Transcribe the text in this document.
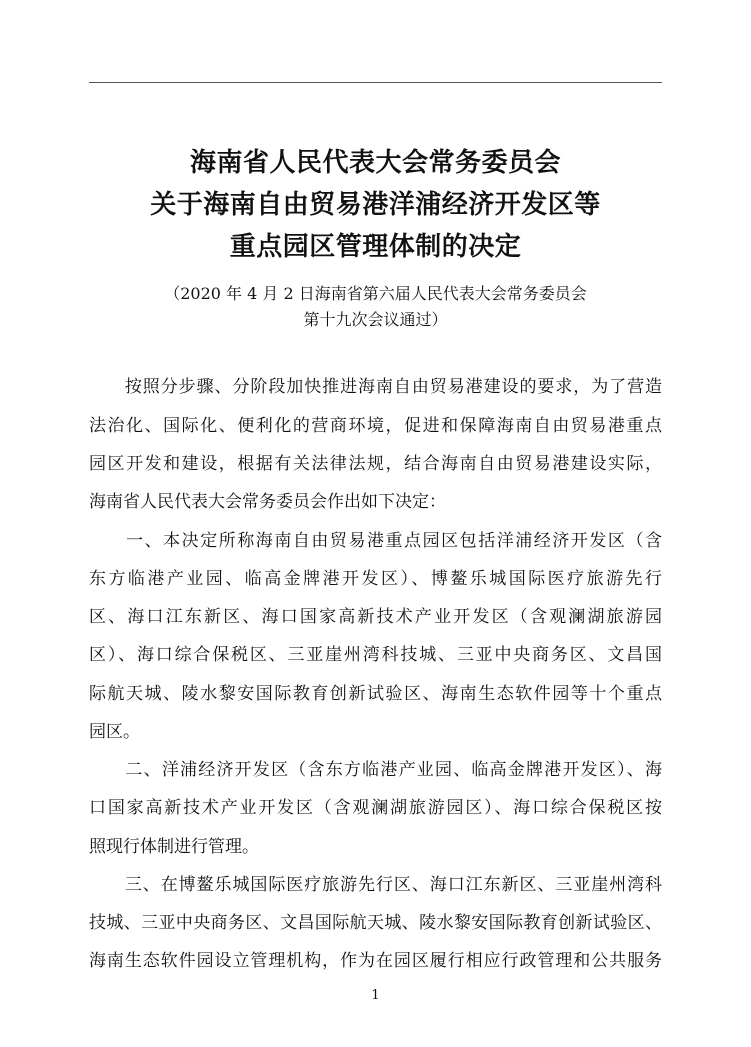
海南省人民代表大会常务委员会
关于海南自由贸易港洋浦经济开发区等
重点园区管理体制的决定
（2020 年 4 月 2 日海南省第六届人民代表大会常务委员会
第十九次会议通过）
　　按照分步骤、分阶段加快推进海南自由贸易港建设的要求，为了营造
法治化、国际化、便利化的营商环境，促进和保障海南自由贸易港重点
园区开发和建设，根据有关法律法规，结合海南自由贸易港建设实际，
海南省人民代表大会常务委员会作出如下决定：
　　一、本决定所称海南自由贸易港重点园区包括洋浦经济开发区（含
东方临港产业园、临高金牌港开发区）、博鳌乐城国际医疗旅游先行
区、海口江东新区、海口国家高新技术产业开发区（含观澜湖旅游园
区）、海口综合保税区、三亚崖州湾科技城、三亚中央商务区、文昌国
际航天城、陵水黎安国际教育创新试验区、海南生态软件园等十个重点
园区。
　　二、洋浦经济开发区（含东方临港产业园、临高金牌港开发区）、海
口国家高新技术产业开发区（含观澜湖旅游园区）、海口综合保税区按
照现行体制进行管理。
　　三、在博鳌乐城国际医疗旅游先行区、海口江东新区、三亚崖州湾科
技城、三亚中央商务区、文昌国际航天城、陵水黎安国际教育创新试验区、
海南生态软件园设立管理机构，作为在园区履行相应行政管理和公共服务
1
